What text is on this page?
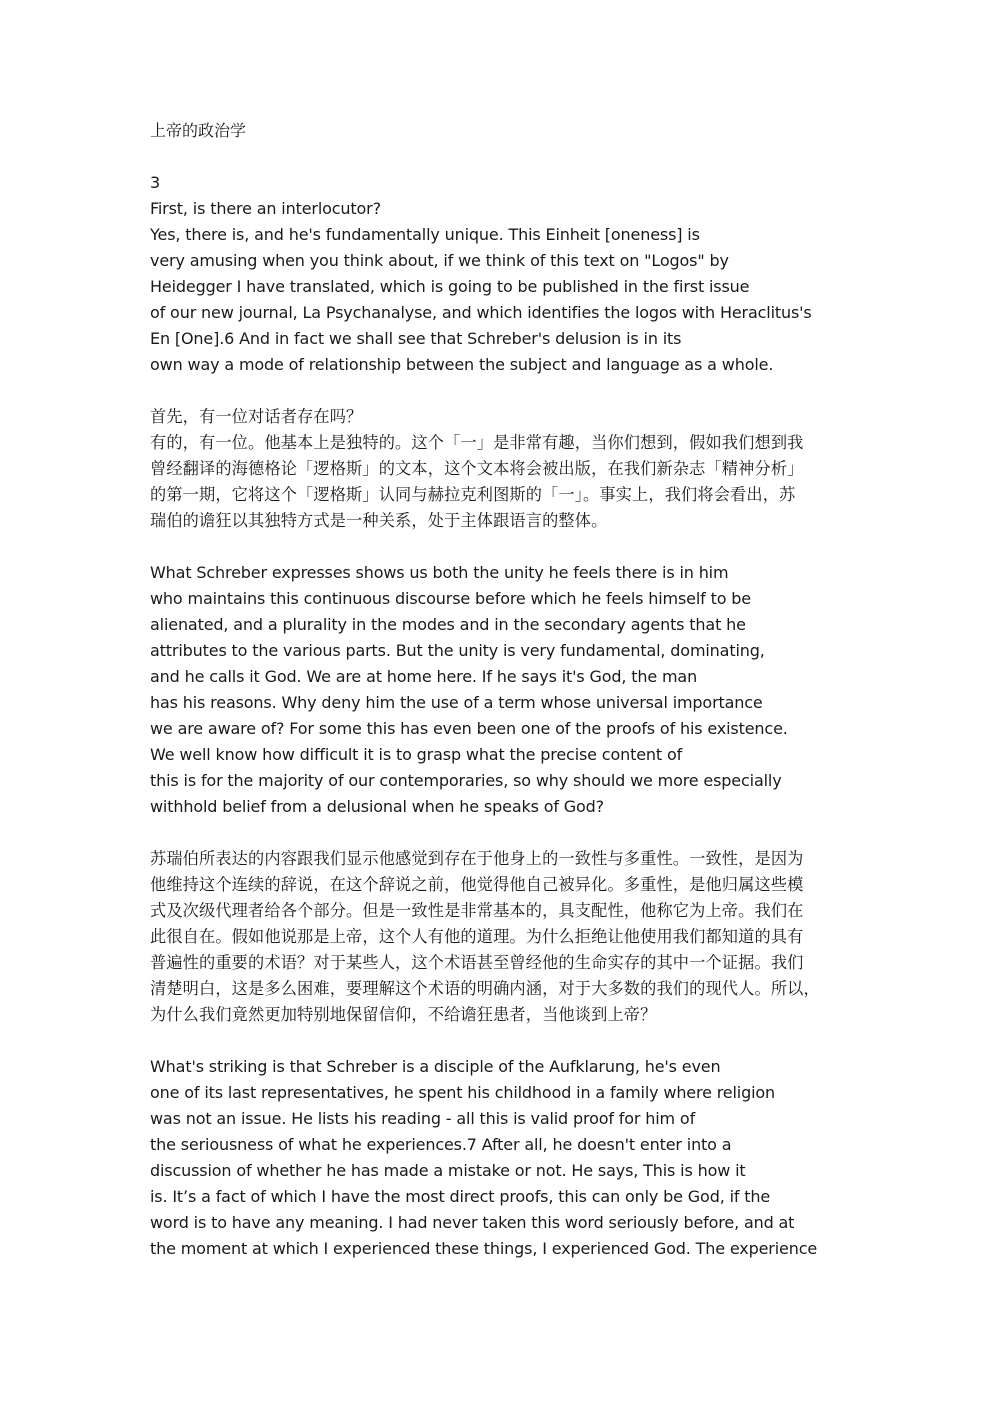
上帝的政治学
3
First, is there an interlocutor?
Yes, there is, and he's fundamentally unique. This Einheit [oneness] is
very amusing when you think about, if we think of this text on "Logos" by
Heidegger I have translated, which is going to be published in the first issue
of our new journal, La Psychanalyse, and which identifies the logos with Heraclitus's
En [One].6 And in fact we shall see that Schreber's delusion is in its
own way a mode of relationship between the subject and language as a whole.
首先，有一位对话者存在吗？
有的，有一位。他基本上是独特的。这个「一」是非常有趣，当你们想到，假如我们想到我
曾经翻译的海德格论「逻格斯」的文本，这个文本将会被出版，在我们新杂志「精神分析」
的第一期，它将这个「逻格斯」认同与赫拉克利图斯的「一」。事实上，我们将会看出，苏
瑞伯的谵狂以其独特方式是一种关系，处于主体跟语言的整体。
What Schreber expresses shows us both the unity he feels there is in him
who maintains this continuous discourse before which he feels himself to be
alienated, and a plurality in the modes and in the secondary agents that he
attributes to the various parts. But the unity is very fundamental, dominating,
and he calls it God. We are at home here. If he says it's God, the man
has his reasons. Why deny him the use of a term whose universal importance
we are aware of? For some this has even been one of the proofs of his existence.
We well know how difficult it is to grasp what the precise content of
this is for the majority of our contemporaries, so why should we more especially
withhold belief from a delusional when he speaks of God?
苏瑞伯所表达的内容跟我们显示他感觉到存在于他身上的一致性与多重性。一致性，是因为
他维持这个连续的辞说，在这个辞说之前，他觉得他自己被异化。多重性，是他归属这些模
式及次级代理者给各个部分。但是一致性是非常基本的，具支配性，他称它为上帝。我们在
此很自在。假如他说那是上帝，这个人有他的道理。为什么拒绝让他使用我们都知道的具有
普遍性的重要的术语？对于某些人，这个术语甚至曾经他的生命实存的其中一个证据。我们
清楚明白，这是多么困难，要理解这个术语的明确内涵，对于大多数的我们的现代人。所以，
为什么我们竟然更加特别地保留信仰，不给谵狂患者，当他谈到上帝？
What's striking is that Schreber is a disciple of the Aufklarung, he's even
one of its last representatives, he spent his childhood in a family where religion
was not an issue. He lists his reading - all this is valid proof for him of
the seriousness of what he experiences.7 After all, he doesn't enter into a
discussion of whether he has made a mistake or not. He says, This is how it
is. It’s a fact of which I have the most direct proofs, this can only be God, if the
word is to have any meaning. I had never taken this word seriously before, and at
the moment at which I experienced these things, I experienced God. The experience
